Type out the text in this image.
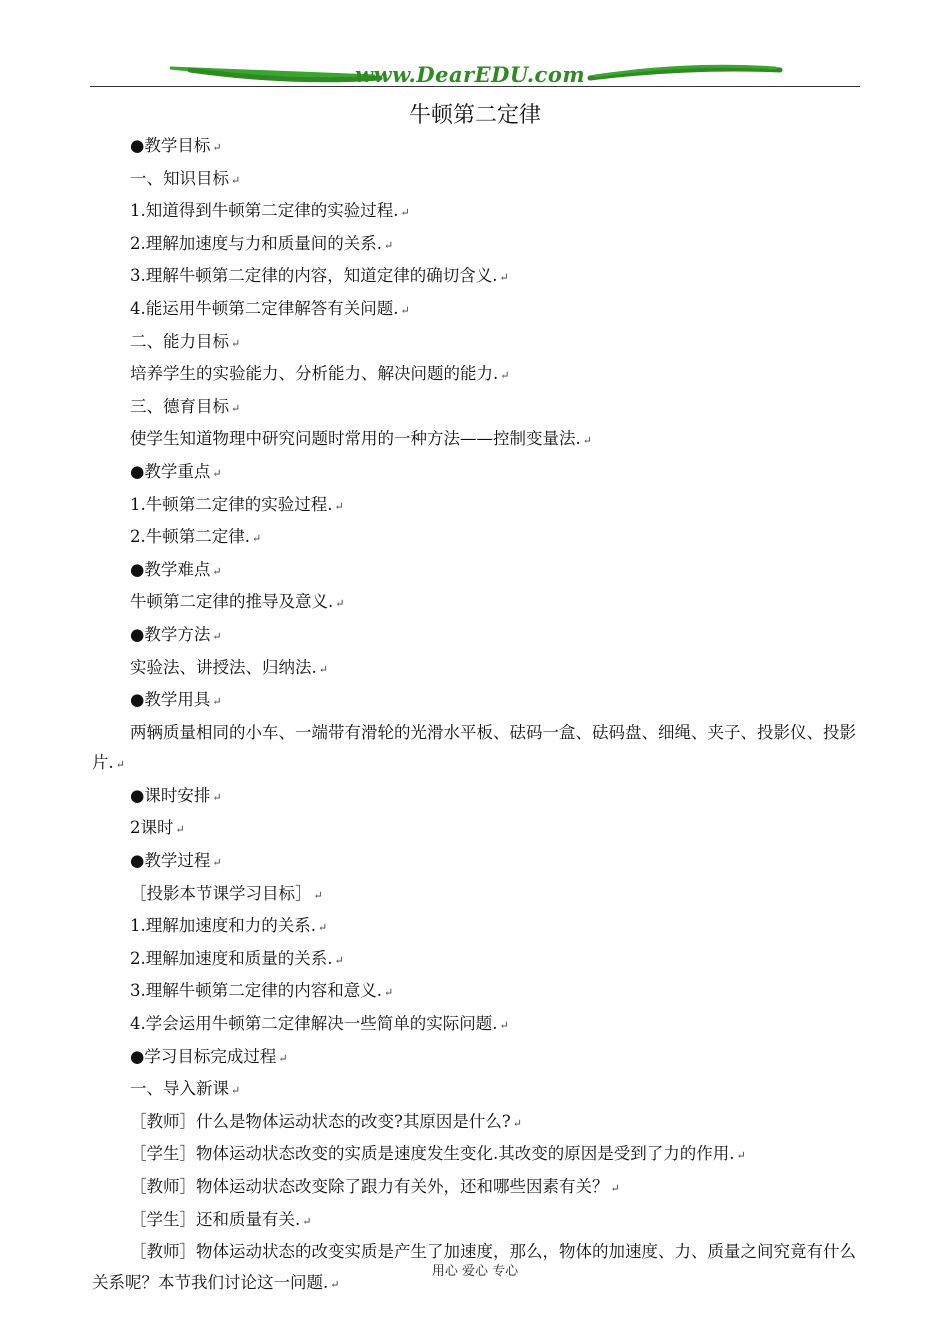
www.DearEDU.com
牛顿第二定律
●教学目标 ↵
一、知识目标 ↵
1.知道得到牛顿第二定律的实验过程. ↵
2.理解加速度与力和质量间的关系. ↵
3.理解牛顿第二定律的内容，知道定律的确切含义. ↵
4.能运用牛顿第二定律解答有关问题. ↵
二、能力目标 ↵
培养学生的实验能力、分析能力、解决问题的能力. ↵
三、德育目标 ↵
使学生知道物理中研究问题时常用的一种方法——控制变量法. ↵
●教学重点 ↵
1.牛顿第二定律的实验过程. ↵
2.牛顿第二定律. ↵
●教学难点 ↵
牛顿第二定律的推导及意义. ↵
●教学方法 ↵
实验法、讲授法、归纳法. ↵
●教学用具 ↵
两辆质量相同的小车、一端带有滑轮的光滑水平板、砝码一盒、砝码盘、细绳、夹子、投影仪、投影片. ↵
●课时安排 ↵
2课时 ↵
●教学过程 ↵
［投影本节课学习目标］ ↵
1.理解加速度和力的关系. ↵
2.理解加速度和质量的关系. ↵
3.理解牛顿第二定律的内容和意义. ↵
4.学会运用牛顿第二定律解决一些简单的实际问题. ↵
●学习目标完成过程 ↵
一、导入新课 ↵
［教师］什么是物体运动状态的改变?其原因是什么? ↵
［学生］物体运动状态改变的实质是速度发生变化.其改变的原因是受到了力的作用. ↵
［教师］物体运动状态改变除了跟力有关外，还和哪些因素有关？ ↵
［学生］还和质量有关. ↵
［教师］物体运动状态的改变实质是产生了加速度，那么，物体的加速度、力、质量之间究竟有什么关系呢？本节我们讨论这一问题. ↵
用心 爱心 专心
